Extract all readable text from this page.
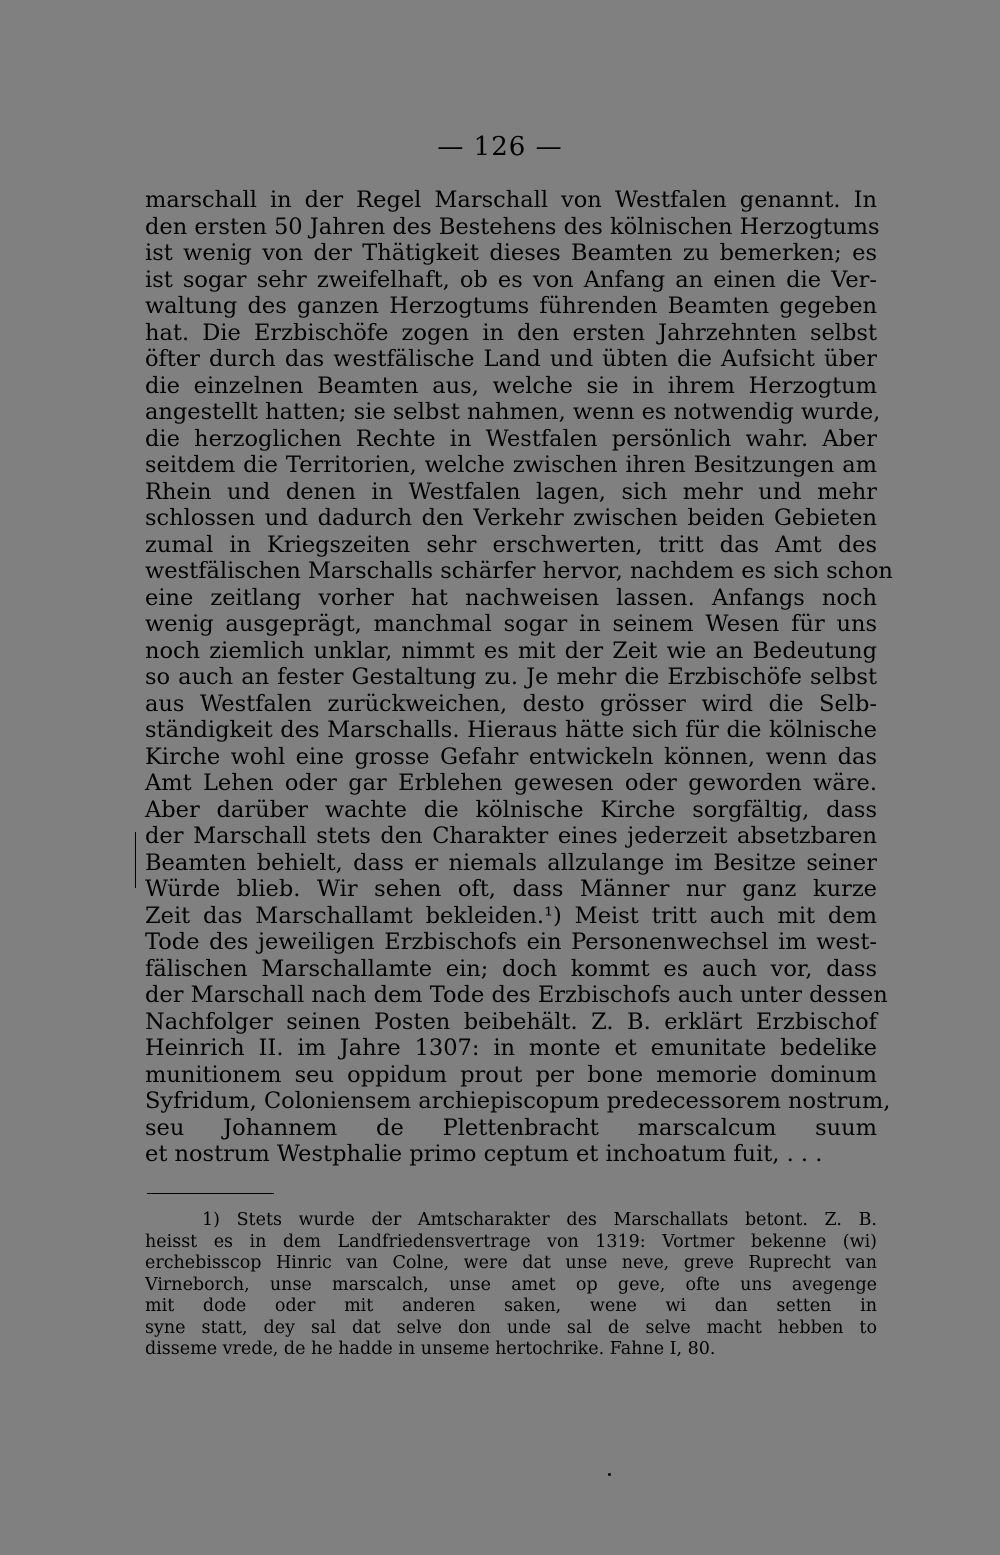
— 126 —
marschall in der Regel Marschall von Westfalen genannt. In
den ersten 50 Jahren des Bestehens des kölnischen Herzogtums
ist wenig von der Thätigkeit dieses Beamten zu bemerken; es
ist sogar sehr zweifelhaft, ob es von Anfang an einen die Ver-
waltung des ganzen Herzogtums führenden Beamten gegeben
hat. Die Erzbischöfe zogen in den ersten Jahrzehnten selbst
öfter durch das westfälische Land und übten die Aufsicht über
die einzelnen Beamten aus, welche sie in ihrem Herzogtum
angestellt hatten; sie selbst nahmen, wenn es notwendig wurde,
die herzoglichen Rechte in Westfalen persönlich wahr. Aber
seitdem die Territorien, welche zwischen ihren Besitzungen am
Rhein und denen in Westfalen lagen, sich mehr und mehr
schlossen und dadurch den Verkehr zwischen beiden Gebieten
zumal in Kriegszeiten sehr erschwerten, tritt das Amt des
westfälischen Marschalls schärfer hervor, nachdem es sich schon
eine zeitlang vorher hat nachweisen lassen. Anfangs noch
wenig ausgeprägt, manchmal sogar in seinem Wesen für uns
noch ziemlich unklar, nimmt es mit der Zeit wie an Bedeutung
so auch an fester Gestaltung zu. Je mehr die Erzbischöfe selbst
aus Westfalen zurückweichen, desto grösser wird die Selb-
ständigkeit des Marschalls. Hieraus hätte sich für die kölnische
Kirche wohl eine grosse Gefahr entwickeln können, wenn das
Amt Lehen oder gar Erblehen gewesen oder geworden wäre.
Aber darüber wachte die kölnische Kirche sorgfältig, dass
der Marschall stets den Charakter eines jederzeit absetzbaren
Beamten behielt, dass er niemals allzulange im Besitze seiner
Würde blieb. Wir sehen oft, dass Männer nur ganz kurze
Zeit das Marschallamt bekleiden.¹) Meist tritt auch mit dem
Tode des jeweiligen Erzbischofs ein Personenwechsel im west-
fälischen Marschallamte ein; doch kommt es auch vor, dass
der Marschall nach dem Tode des Erzbischofs auch unter dessen
Nachfolger seinen Posten beibehält. Z. B. erklärt Erzbischof
Heinrich II. im Jahre 1307: in monte et emunitate bedelike
munitionem seu oppidum prout per bone memorie dominum
Syfridum, Coloniensem archiepiscopum predecessorem nostrum,
seu Johannem de Plettenbracht marscalcum suum
et nostrum Westphalie primo ceptum et inchoatum fuit, . . .
1) Stets wurde der Amtscharakter des Marschallats betont. Z. B.
heisst es in dem Landfriedensvertrage von 1319: Vortmer bekenne (wi)
erchebisscop Hinric van Colne, were dat unse neve, greve Ruprecht van
Virneborch, unse marscalch, unse amet op geve, ofte uns avegenge
mit dode oder mit anderen saken, wene wi dan setten in
syne statt, dey sal dat selve don unde sal de selve macht hebben to
disseme vrede, de he hadde in unseme hertochrike. Fahne I, 80.
